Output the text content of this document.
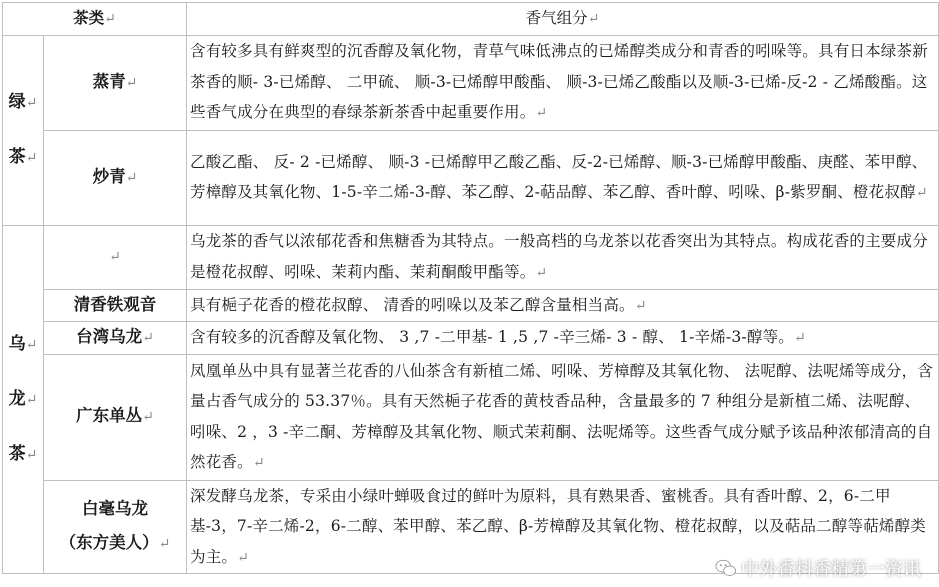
茶类↵		香气组分↵

绿↵
茶↵	蒸青↵	含有较多具有鲜爽型的沉香醇及氧化物，青草气味低沸点的已烯醇类成分和青香的吲哚等。具有日本绿茶新茶香的顺- 3-已烯醇、 二甲硫、 顺-3-已烯醇甲酸酯、 顺-3-已烯乙酸酯以及顺-3-已烯-反-2 - 乙烯酸酯。这些香气成分在典型的春绿茶新茶香中起重要作用。↵
	炒青↵	乙酸乙酯、 反- 2 -已烯醇、 顺-3 -已烯醇甲乙酸乙酯、反-2-已烯醇、顺-3-已烯醇甲酸酯、庚醛、苯甲醇、芳樟醇及其氧化物、1-5-辛二烯-3-醇、苯乙醇、2-萜品醇、苯乙醇、香叶醇、吲哚、β-紫罗酮、橙花叔醇↵

乌↵
龙↵
茶↵	↵	乌龙茶的香气以浓郁花香和焦糖香为其特点。一般高档的乌龙茶以花香突出为其特点。构成花香的主要成分是橙花叔醇、吲哚、茉莉内酯、茉莉酮酸甲酯等。↵
	清香铁观音	具有梔子花香的橙花叔醇、 清香的吲哚以及苯乙醇含量相当高。↵
	台湾乌龙↵	含有较多的沉香醇及氧化物、 3 ,7 -二甲基- 1 ,5 ,7 -辛三烯- 3 - 醇、 1-辛烯-3-醇等。↵
	广东单丛↵	凤凰单丛中具有显著兰花香的八仙茶含有新植二烯、吲哚、芳樟醇及其氧化物、 法呢醇、法呢烯等成分，含量占香气成分的 53.37％。具有天然梔子花香的黄枝香品种，含量最多的 7 种组分是新植二烯、法呢醇、吲哚、2 ，3 -辛二酮、芳樟醇及其氧化物、顺式茉莉酮、法呢烯等。这些香气成分赋予该品种浓郁清高的自然花香。↵

	白毫乌龙
（东方美人）↵	深发酵乌龙茶，专采由小绿叶蝉吸食过的鲜叶为原料，具有熟果香、蜜桃香。具有香叶醇、2，6-二甲基-3，7-辛二烯-2，6-二醇、苯甲醇、苯乙醇、β-芳樟醇及其氧化物、橙花叔醇，以及萜品二醇等萜烯醇类为主。↵
中外香料香精第一资讯
